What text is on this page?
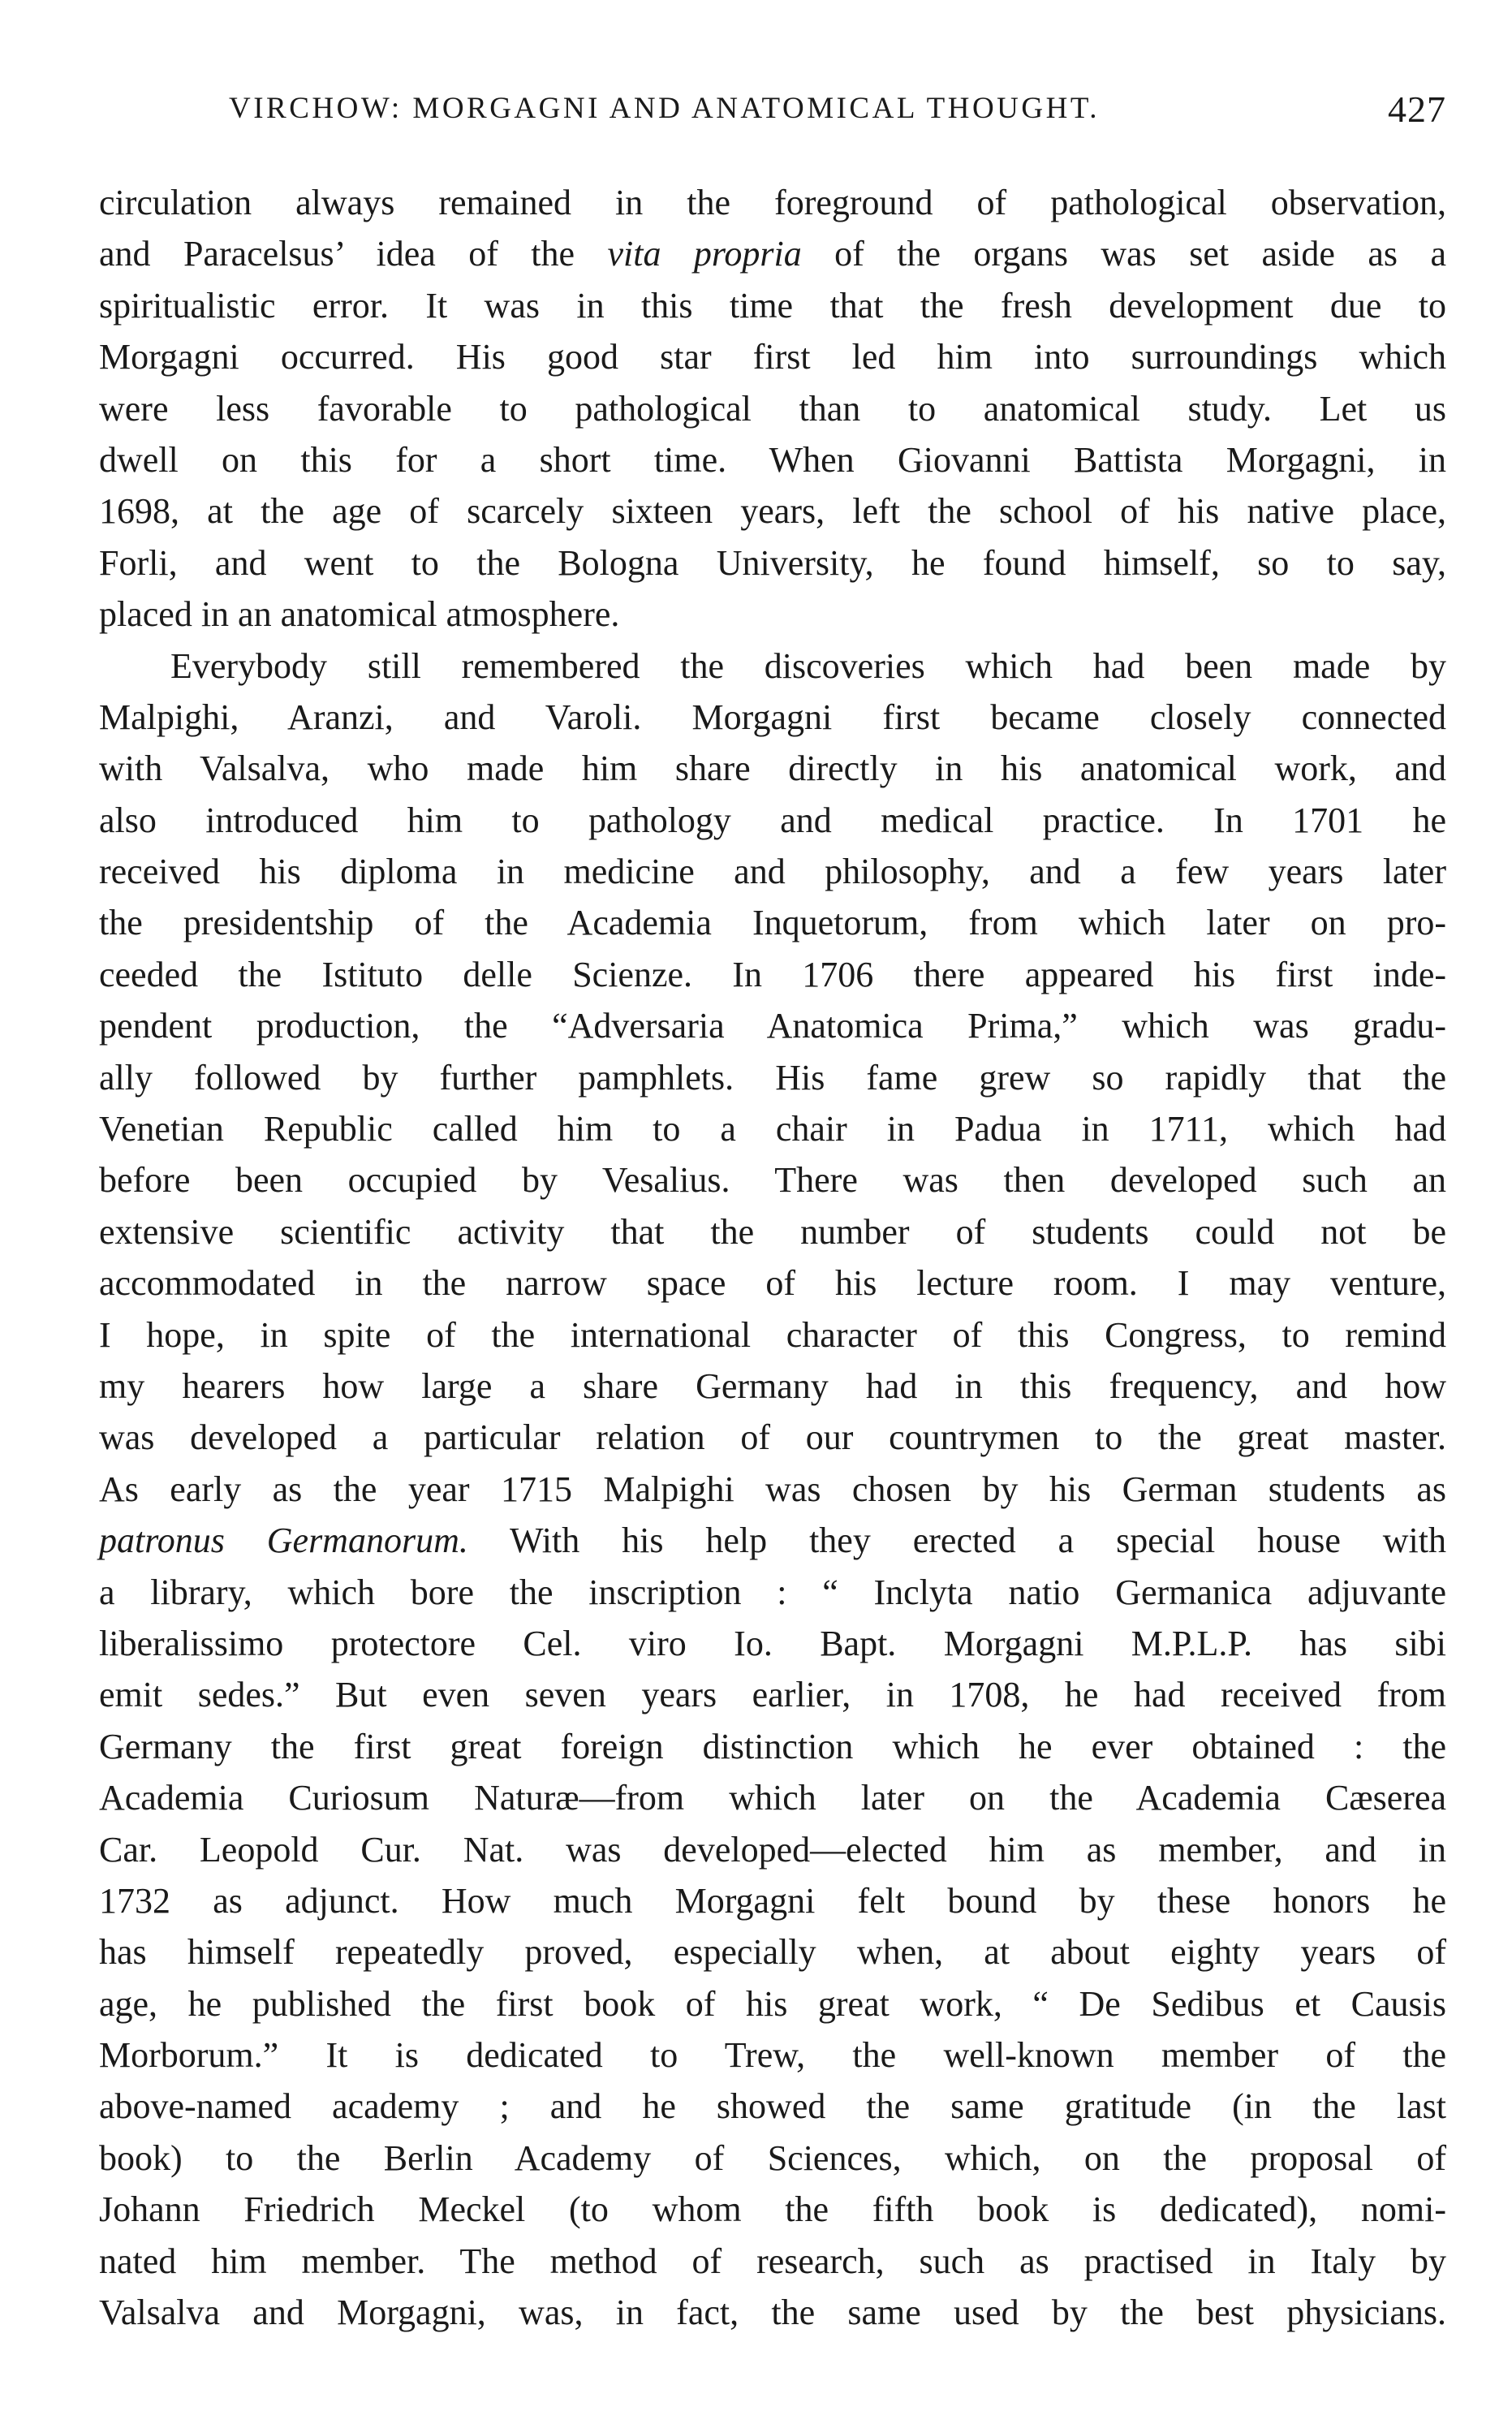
VIRCHOW: MORGAGNI AND ANATOMICAL THOUGHT.	427
circulation always remained in the foreground of pathological observation,
and Paracelsus’ idea of the vita propria of the organs was set aside as a
spiritualistic error. It was in this time that the fresh development due to
Morgagni occurred. His good star first led him into surroundings which
were less favorable to pathological than to anatomical study. Let us
dwell on this for a short time. When Giovanni Battista Morgagni, in
1698, at the age of scarcely sixteen years, left the school of his native place,
Forli, and went to the Bologna University, he found himself, so to say,
placed in an anatomical atmosphere.
Everybody still remembered the discoveries which had been made by
Malpighi, Aranzi, and Varoli. Morgagni first became closely connected
with Valsalva, who made him share directly in his anatomical work, and
also introduced him to pathology and medical practice. In 1701 he
received his diploma in medicine and philosophy, and a few years later
the presidentship of the Academia Inquetorum, from which later on pro-
ceeded the Istituto delle Scienze. In 1706 there appeared his first inde-
pendent production, the “Adversaria Anatomica Prima,” which was gradu-
ally followed by further pamphlets. His fame grew so rapidly that the
Venetian Republic called him to a chair in Padua in 1711, which had
before been occupied by Vesalius. There was then developed such an
extensive scientific activity that the number of students could not be
accommodated in the narrow space of his lecture room. I may venture,
I hope, in spite of the international character of this Congress, to remind
my hearers how large a share Germany had in this frequency, and how
was developed a particular relation of our countrymen to the great master.
As early as the year 1715 Malpighi was chosen by his German students as
patronus Germanorum. With his help they erected a special house with
a library, which bore the inscription : “ Inclyta natio Germanica adjuvante
liberalissimo protectore Cel. viro Io. Bapt. Morgagni M.P.L.P. has sibi
emit sedes.” But even seven years earlier, in 1708, he had received from
Germany the first great foreign distinction which he ever obtained : the
Academia Curiosum Naturæ—from which later on the Academia Cæserea
Car. Leopold Cur. Nat. was developed—elected him as member, and in
1732 as adjunct. How much Morgagni felt bound by these honors he
has himself repeatedly proved, especially when, at about eighty years of
age, he published the first book of his great work, “ De Sedibus et Causis
Morborum.” It is dedicated to Trew, the well-known member of the
above-named academy ; and he showed the same gratitude (in the last
book) to the Berlin Academy of Sciences, which, on the proposal of
Johann Friedrich Meckel (to whom the fifth book is dedicated), nomi-
nated him member. The method of research, such as practised in Italy by
Valsalva and Morgagni, was, in fact, the same used by the best physicians.
